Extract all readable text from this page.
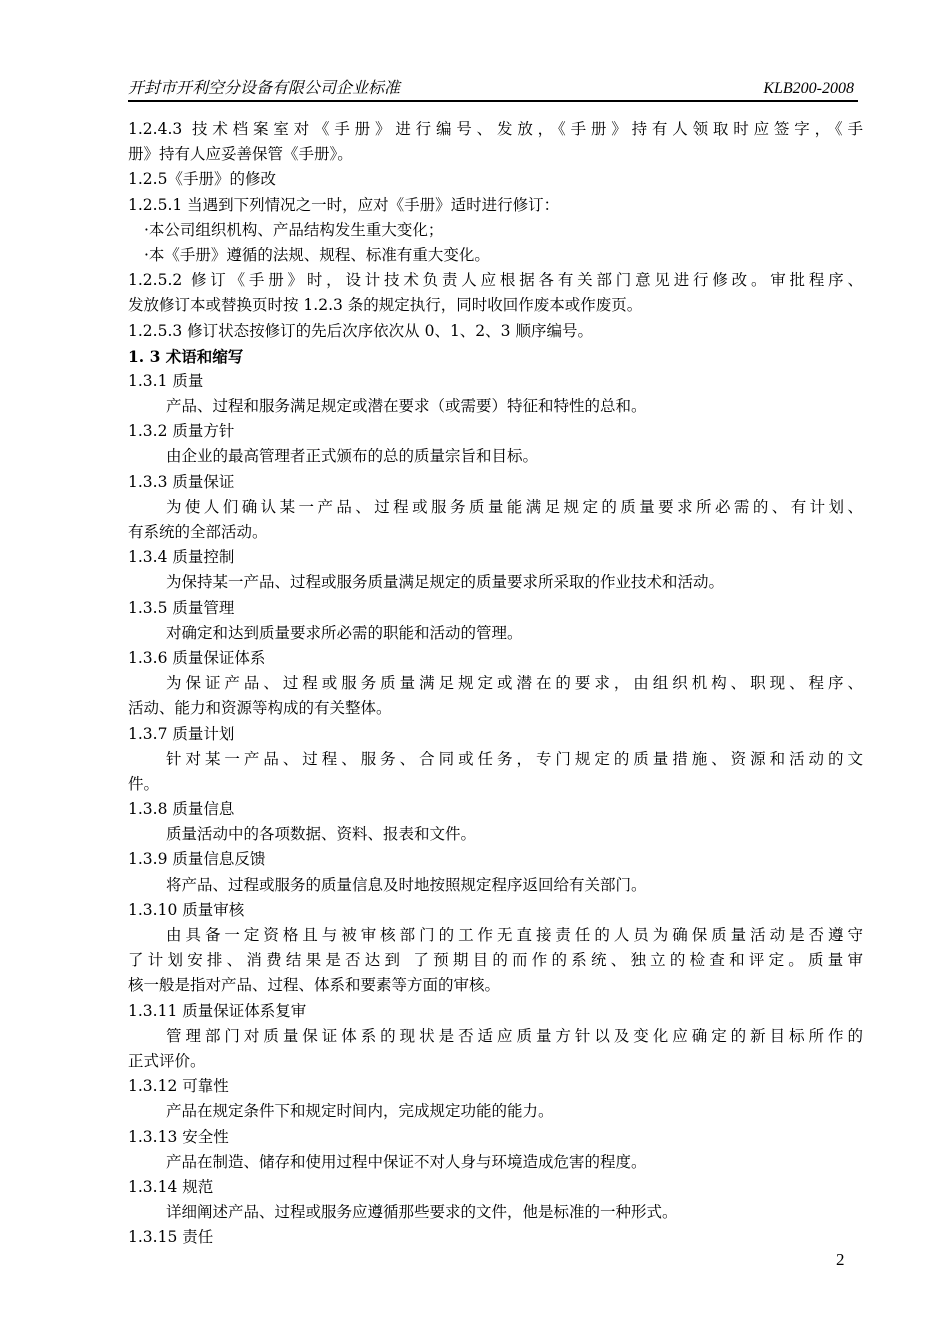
开封市开利空分设备有限公司企业标准	KLB200-2008
1.2.4.3 技术档案室对《手册》进行编号、发放，《手册》持有人领取时应签字，《手
册》持有人应妥善保管《手册》。
1.2.5《手册》的修改
1.2.5.1 当遇到下列情况之一时，应对《手册》适时进行修订：
·本公司组织机构、产品结构发生重大变化；
·本《手册》遵循的法规、规程、标准有重大变化。
1.2.5.2 修订《手册》时，设计技术负责人应根据各有关部门意见进行修改。审批程序、
发放修订本或替换页时按 1.2.3 条的规定执行，同时收回作废本或作废页。
1.2.5.3 修订状态按修订的先后次序依次从 0、1、2、3 顺序编号。
1. 3 术语和缩写
1.3.1 质量
产品、过程和服务满足规定或潜在要求（或需要）特征和特性的总和。
1.3.2 质量方针
由企业的最高管理者正式颁布的总的质量宗旨和目标。
1.3.3 质量保证
为使人们确认某一产品、过程或服务质量能满足规定的质量要求所必需的、有计划、
有系统的全部活动。
1.3.4 质量控制
为保持某一产品、过程或服务质量满足规定的质量要求所采取的作业技术和活动。
1.3.5 质量管理
对确定和达到质量要求所必需的职能和活动的管理。
1.3.6 质量保证体系
为保证产品、过程或服务质量满足规定或潜在的要求，由组织机构、职现、程序、
活动、能力和资源等构成的有关整体。
1.3.7 质量计划
针对某一产品、过程、服务、合同或任务，专门规定的质量措施、资源和活动的文
件。
1.3.8 质量信息
质量活动中的各项数据、资料、报表和文件。
1.3.9 质量信息反馈
将产品、过程或服务的质量信息及时地按照规定程序返回给有关部门。
1.3.10 质量审核
由具备一定资格且与被审核部门的工作无直接责任的人员为确保质量活动是否遵守
了计划安排、消费结果是否达到 了预期目的而作的系统、独立的检查和评定。质量审
核一般是指对产品、过程、体系和要素等方面的审核。
1.3.11 质量保证体系复审
管理部门对质量保证体系的现状是否适应质量方针以及变化应确定的新目标所作的
正式评价。
1.3.12 可靠性
产品在规定条件下和规定时间内，完成规定功能的能力。
1.3.13 安全性
产品在制造、储存和使用过程中保证不对人身与环境造成危害的程度。
1.3.14 规范
详细阐述产品、过程或服务应遵循那些要求的文件，他是标准的一种形式。
1.3.15 责任
2
